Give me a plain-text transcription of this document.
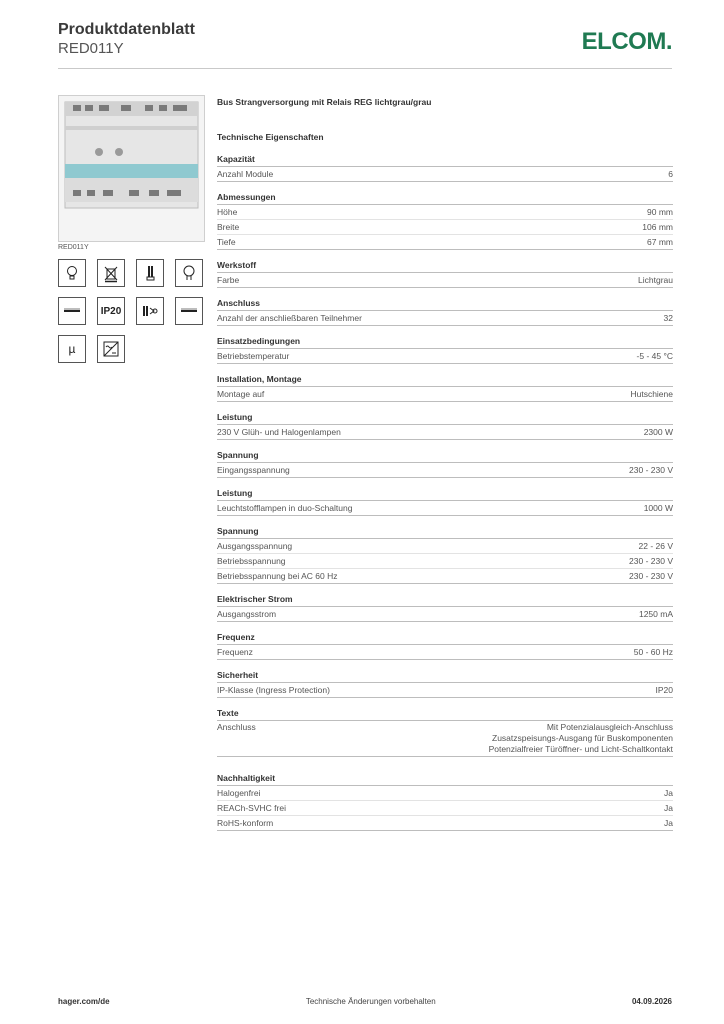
Produktdatenblatt
RED011Y	ELCOM.
RED011Y
IP20
µ
Bus Strangversorgung mit Relais REG lichtgrau/grau
Technische Eigenschaften
Kapazität
Anzahl Module	6
Abmessungen
Höhe	90 mm
Breite	106 mm
Tiefe	67 mm
Werkstoff
Farbe	Lichtgrau
Anschluss
Anzahl der anschließbaren Teilnehmer	32
Einsatzbedingungen
Betriebstemperatur	-5 - 45 °C
Installation, Montage
Montage auf	Hutschiene
Leistung
230 V Glüh- und Halogenlampen	2300 W
Spannung
Eingangsspannung	230 - 230 V
Leistung
Leuchtstofflampen in duo-Schaltung	1000 W
Spannung
Ausgangsspannung	22 - 26 V
Betriebsspannung	230 - 230 V
Betriebsspannung bei AC 60 Hz	230 - 230 V
Elektrischer Strom
Ausgangsstrom	1250 mA
Frequenz
Frequenz	50 - 60 Hz
Sicherheit
IP-Klasse (Ingress Protection)	IP20
Texte
Anschluss	Mit Potenzialausgleich-Anschluss
Zusatzspeisungs-Ausgang für Buskomponenten
Potenzialfreier Türöffner- und Licht-Schaltkontakt
Nachhaltigkeit
Halogenfrei	Ja
REACh-SVHC frei	Ja
RoHS-konform	Ja
hager.com/de	Technische Änderungen vorbehalten	04.09.2026
